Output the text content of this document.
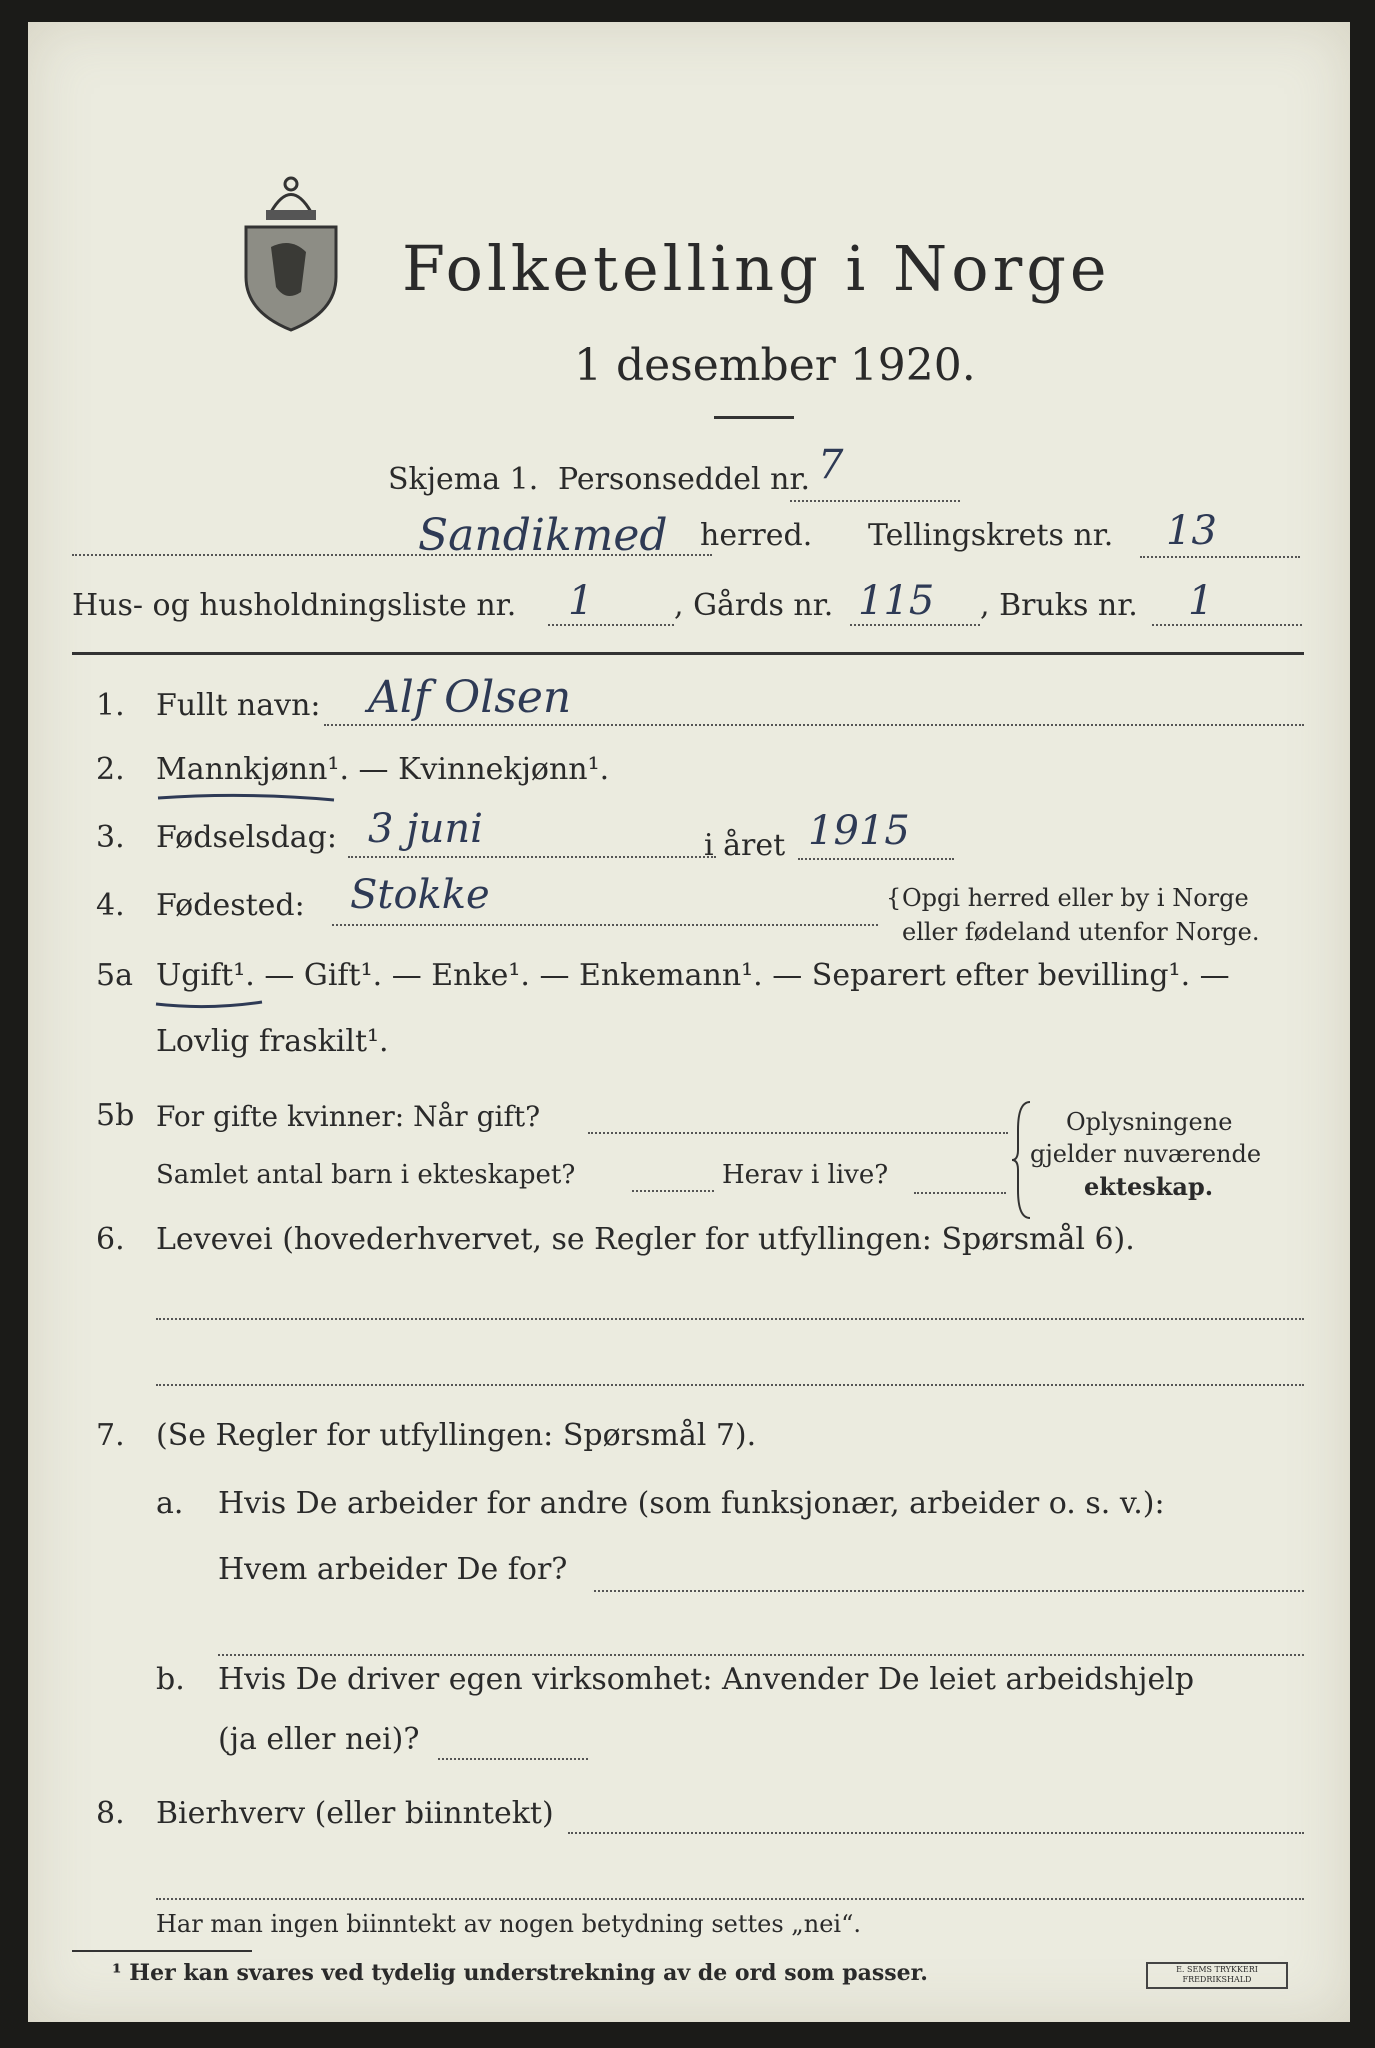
Folketelling i Norge
1 desember 1920.
Skjema 1. Personseddel nr. 7
Sandikmed herred. Tellingskrets nr. 13
Hus- og husholdningsliste nr. 1	, Gårds nr. 115 , Bruks nr. 1
1. Fullt navn: Alf Olsen
2. Mannkjønn¹. — Kvinnekjønn¹.
3. Fødselsdag: 3 juni	i året 1915
4. Fødested: Stokke	{ Opgi herred eller by i Norge
eller fødeland utenfor Norge.
5a Ugift¹. — Gift¹. — Enke¹. — Enkemann¹. — Separert efter bevilling¹. —
Lovlig fraskilt¹.
5b For gifte kvinner: Når gift?
Samlet antal barn i ekteskapet?	Herav i live?
Oplysningene
gjelder nuværende
ekteskap.
6. Levevei (hovederhvervet, se Regler for utfyllingen: Spørsmål 6).
7. (Se Regler for utfyllingen: Spørsmål 7).
a. Hvis De arbeider for andre (som funksjonær, arbeider o. s. v.):
Hvem arbeider De for?
b. Hvis De driver egen virksomhet: Anvender De leiet arbeidshjelp
(ja eller nei)?
8. Bierhverv (eller biinntekt)
Har man ingen biinntekt av nogen betydning settes „nei“.
¹ Her kan svares ved tydelig understrekning av de ord som passer.	E. SEMS TRYKKERI FREDRIKSHALD
